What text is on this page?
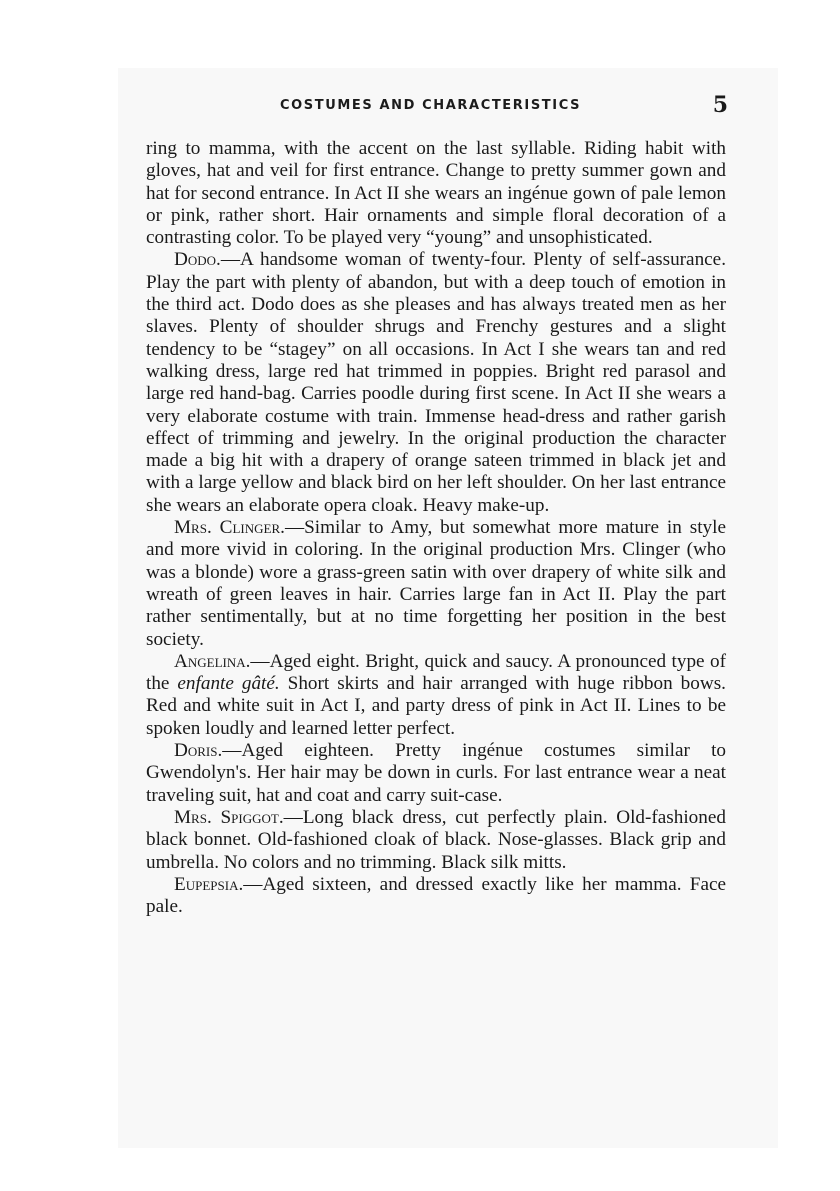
COSTUMES AND CHARACTERISTICS	5

ring to mamma, with the accent on the last syllable. Riding habit with gloves, hat and veil for first entrance. Change to pretty summer gown and hat for second entrance. In Act II she wears an ingénue gown of pale lemon or pink, rather short. Hair ornaments and simple floral decoration of a contrasting color. To be played very “young” and unsophisticated.

Dodo.—A handsome woman of twenty-four. Plenty of self-assurance. Play the part with plenty of abandon, but with a deep touch of emotion in the third act. Dodo does as she pleases and has always treated men as her slaves. Plenty of shoulder shrugs and Frenchy gestures and a slight tendency to be “stagey” on all occasions. In Act I she wears tan and red walking dress, large red hat trimmed in poppies. Bright red parasol and large red hand-bag. Carries poodle during first scene. In Act II she wears a very elaborate costume with train. Immense head-dress and rather garish effect of trimming and jewelry. In the original production the character made a big hit with a drapery of orange sateen trimmed in black jet and with a large yellow and black bird on her left shoulder. On her last entrance she wears an elaborate opera cloak. Heavy make-up.

Mrs. Clinger.—Similar to Amy, but somewhat more mature in style and more vivid in coloring. In the original production Mrs. Clinger (who was a blonde) wore a grass-green satin with over drapery of white silk and wreath of green leaves in hair. Carries large fan in Act II. Play the part rather sentimentally, but at no time forgetting her position in the best society.

Angelina.—Aged eight. Bright, quick and saucy. A pronounced type of the enfante gâté. Short skirts and hair arranged with huge ribbon bows. Red and white suit in Act I, and party dress of pink in Act II. Lines to be spoken loudly and learned letter perfect.

Doris.—Aged eighteen. Pretty ingénue costumes similar to Gwendolyn's. Her hair may be down in curls. For last entrance wear a neat traveling suit, hat and coat and carry suit-case.

Mrs. Spiggot.—Long black dress, cut perfectly plain. Old-fashioned black bonnet. Old-fashioned cloak of black. Nose-glasses. Black grip and umbrella. No colors and no trimming. Black silk mitts.

Eupepsia.—Aged sixteen, and dressed exactly like her mamma. Face pale.
